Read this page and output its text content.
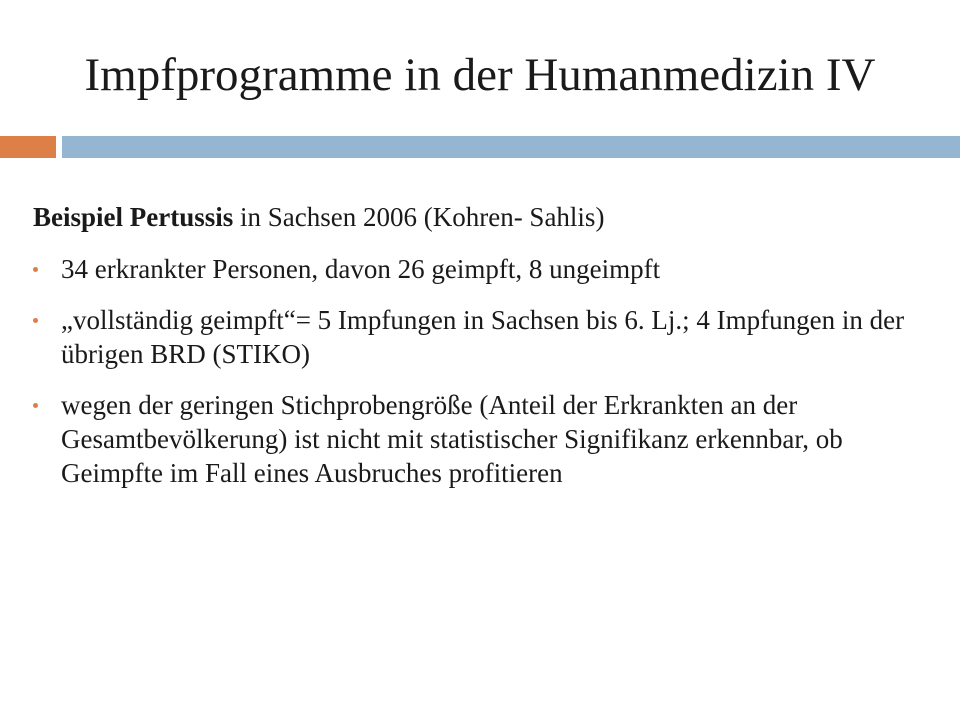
Impfprogramme in der Humanmedizin IV

Beispiel Pertussis in Sachsen 2006 (Kohren- Sahlis)

34 erkrankter Personen, davon 26 geimpft, 8 ungeimpft
„vollständig geimpft“= 5 Impfungen in Sachsen bis 6. Lj.; 4 Impfungen in der übrigen BRD (STIKO)
wegen der geringen Stichprobengröße (Anteil der Erkrankten an der Gesamtbevölkerung) ist nicht mit statistischer Signifikanz erkennbar, ob Geimpfte im Fall eines Ausbruches profitieren
